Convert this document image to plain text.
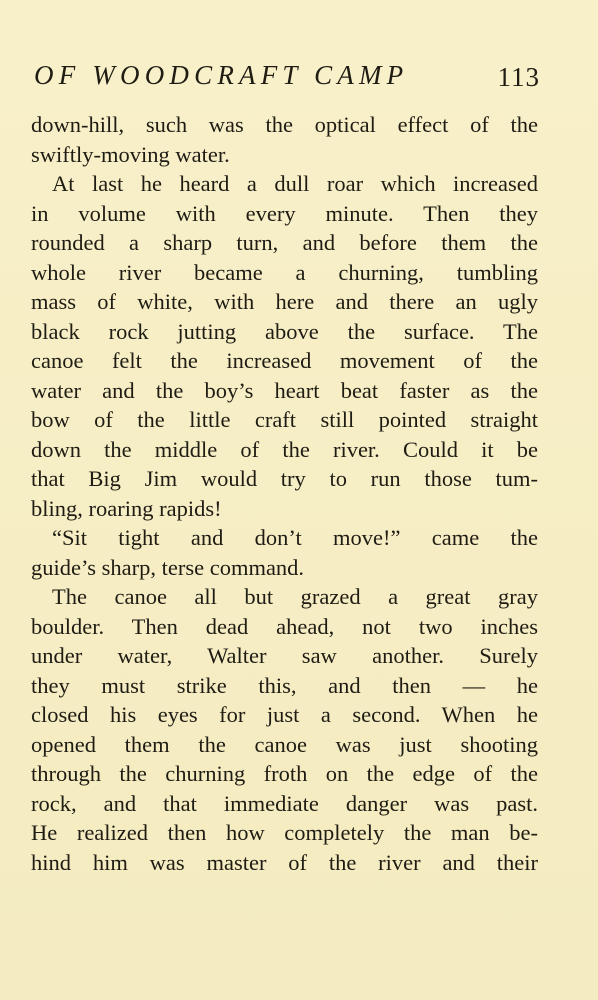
OF WOODCRAFT CAMP	113
down-hill, such was the optical effect of the
swiftly-moving water.
At last he heard a dull roar which increased
in volume with every minute. Then they
rounded a sharp turn, and before them the
whole river became a churning, tumbling
mass of white, with here and there an ugly
black rock jutting above the surface. The
canoe felt the increased movement of the
water and the boy’s heart beat faster as the
bow of the little craft still pointed straight
down the middle of the river. Could it be
that Big Jim would try to run those tum-
bling, roaring rapids!
“Sit tight and don’t move!” came the
guide’s sharp, terse command.
The canoe all but grazed a great gray
boulder. Then dead ahead, not two inches
under water, Walter saw another. Surely
they must strike this, and then — he
closed his eyes for just a second. When he
opened them the canoe was just shooting
through the churning froth on the edge of the
rock, and that immediate danger was past.
He realized then how completely the man be-
hind him was master of the river and their
